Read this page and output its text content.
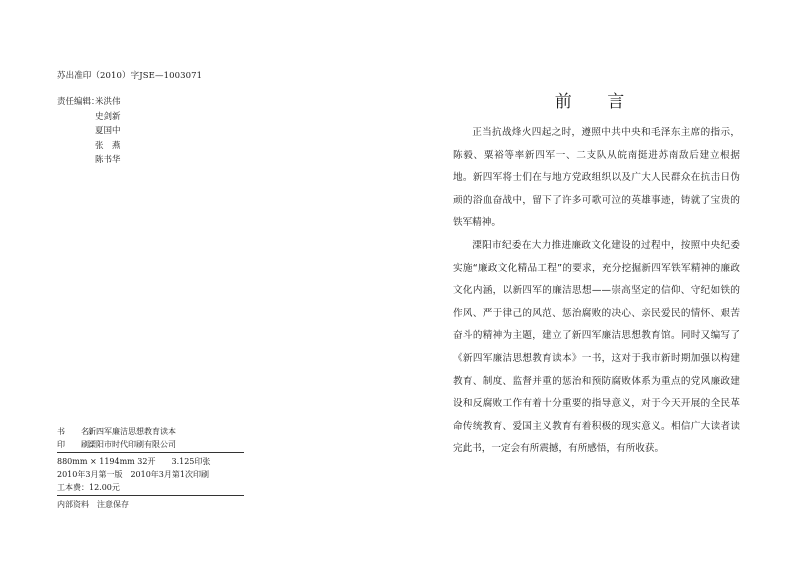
苏出准印（2010）字JSE—1003071
责任编辑：
米洪伟
史剑新
夏国中
张　燕
陈书华
书　　名：新四军廉洁思想教育读本
印　　刷：溧阳市时代印刷有限公司
880mm × 1194mm 32开　　3.125印张
2010年3月第一版　2010年3月第1次印刷
工本费：12.00元
内部资料　注意保存
前 言

正当抗战烽火四起之时，遵照中共中央和毛泽东主席的指示，陈毅、粟裕等率新四军一、二支队从皖南挺进苏南敌后建立根据地。新四军将士们在与地方党政组织以及广大人民群众在抗击日伪顽的浴血奋战中，留下了许多可歌可泣的英雄事迹，铸就了宝贵的铁军精神。

溧阳市纪委在大力推进廉政文化建设的过程中，按照中央纪委实施“廉政文化精品工程”的要求，充分挖掘新四军铁军精神的廉政文化内涵，以新四军的廉洁思想——崇高坚定的信仰、守纪如铁的作风、严于律己的风范、惩治腐败的决心、亲民爱民的情怀、艰苦奋斗的精神为主题，建立了新四军廉洁思想教育馆。同时又编写了《新四军廉洁思想教育读本》一书，这对于我市新时期加强以构建教育、制度、监督并重的惩治和预防腐败体系为重点的党风廉政建设和反腐败工作有着十分重要的指导意义，对于今天开展的全民革命传统教育、爱国主义教育有着积极的现实意义。相信广大读者读完此书，一定会有所震撼，有所感悟，有所收获。
